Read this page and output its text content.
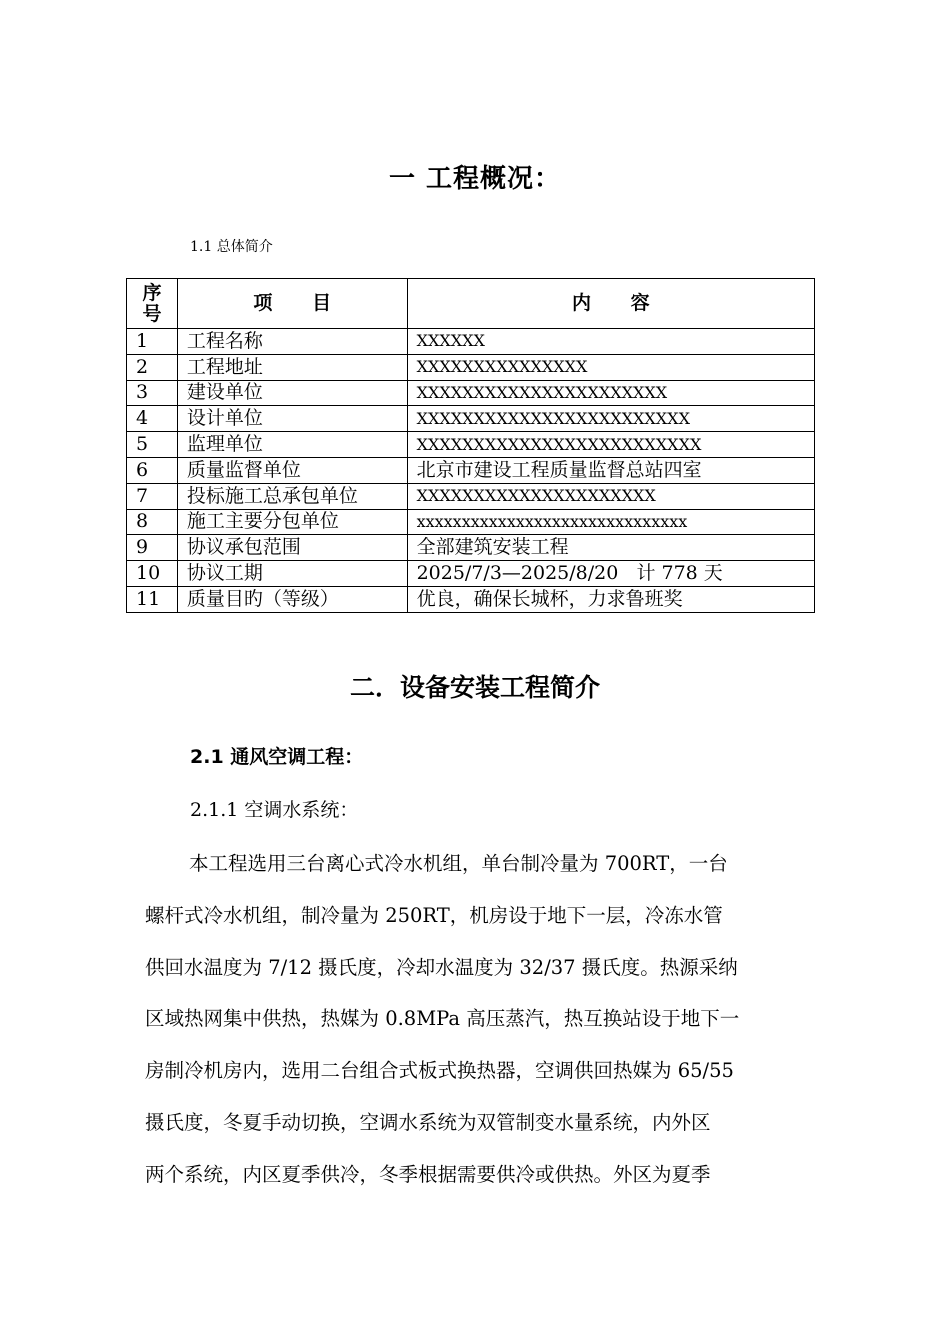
一 工程概况：
1.1 总体简介
序
号	项      目	内      容
1	工程名称	XXXXXX
2	工程地址	XXXXXXXXXXXXXXX
3	建设单位	XXXXXXXXXXXXXXXXXXXXXX
4	设计单位	XXXXXXXXXXXXXXXXXXXXXXXX
5	监理单位	XXXXXXXXXXXXXXXXXXXXXXXXX
6	质量监督单位	北京市建设工程质量监督总站四室
7	投标施工总承包单位	XXXXXXXXXXXXXXXXXXXXX
8	施工主要分包单位	xxxxxxxxxxxxxxxxxxxxxxxxxxxxxx
9	协议承包范围	全部建筑安装工程
10	协议工期	2025/7/3—2025/8/20   计 778 天
11	质量目旳（等级）	优良，确保长城杯，力求鲁班奖
二．设备安装工程简介
2.1 通风空调工程：
2.1.1 空调水系统：
本工程选用三台离心式冷水机组，单台制冷量为 700RT，一台
螺杆式冷水机组，制冷量为 250RT，机房设于地下一层，冷冻水管
供回水温度为 7/12 摄氏度，冷却水温度为 32/37 摄氏度。热源采纳
区域热网集中供热，热媒为 0.8MPa 高压蒸汽，热互换站设于地下一
房制冷机房内，选用二台组合式板式换热器，空调供回热媒为 65/55
摄氏度，冬夏手动切换，空调水系统为双管制变水量系统，内外区
两个系统，内区夏季供冷，冬季根据需要供冷或供热。外区为夏季
